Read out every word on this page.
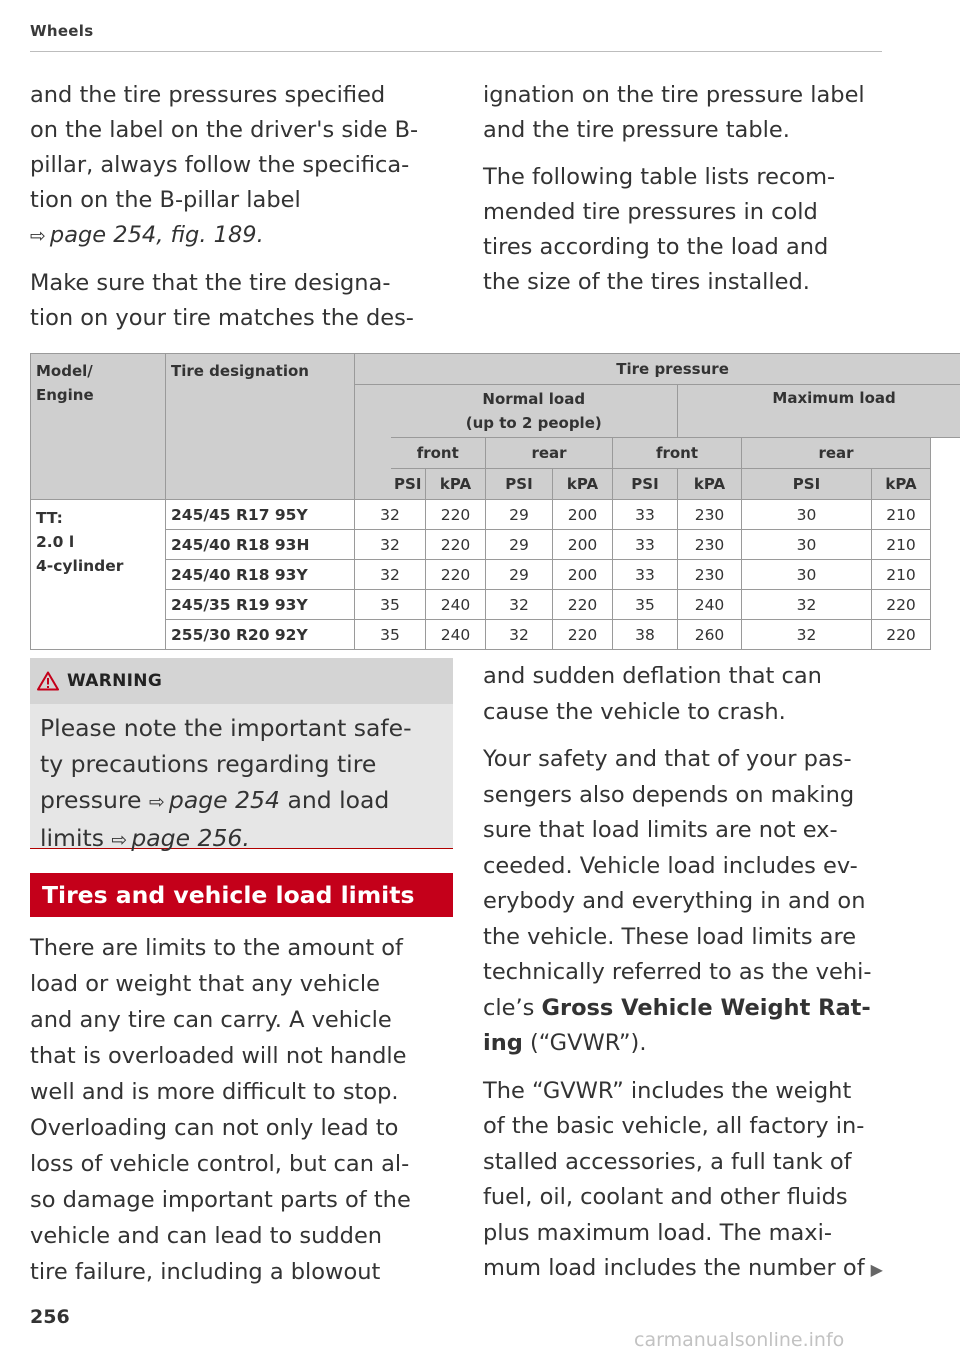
Wheels

and the tire pressures specified
on the label on the driver's side B-
pillar, always follow the specifica-
tion on the B-pillar label
⇨ page 254, fig. 189.

Make sure that the tire designa-
tion on your tire matches the des-

ignation on the tire pressure label
and the tire pressure table.

The following table lists recom-
mended tire pressures in cold
tires according to the load and
the size of the tires installed.

Model/
Engine	Tire designation	Tire pressure								
			Normal load
(up to 2 people)					Maximum load		
			front		rear		front		rear	
			PSI	kPA	PSI	kPA	PSI	kPA	PSI	kPA
TT:
2.0 l
4-cylinder	245/45 R17 95Y	32		220	29	200	33	230	30	210
	245/40 R18 93H	32		220	29	200	33	230	30	210
	245/40 R18 93Y	32		220	29	200	33	230	30	210
	245/35 R19 93Y	35		240	32	220	35	240	32	220
	255/30 R20 92Y	35		240	32	220	38	260	32	220
WARNING
Please note the important safe-
ty precautions regarding tire
pressure ⇨ page 254 and load
limits ⇨ page 256.
Tires and vehicle load limits

There are limits to the amount of
load or weight that any vehicle
and any tire can carry. A vehicle
that is overloaded will not handle
well and is more difficult to stop.
Overloading can not only lead to
loss of vehicle control, but can al-
so damage important parts of the
vehicle and can lead to sudden
tire failure, including a blowout

and sudden deflation that can
cause the vehicle to crash.

Your safety and that of your pas-
sengers also depends on making
sure that load limits are not ex-
ceeded. Vehicle load includes ev-
erybody and everything in and on
the vehicle. These load limits are
technically referred to as the vehi-
cle’s Gross Vehicle Weight Rat-
ing (“GVWR”).

The “GVWR” includes the weight
of the basic vehicle, all factory in-
stalled accessories, a full tank of
fuel, oil, coolant and other fluids
plus maximum load. The maxi-
mum load includes the number of ▶

256
carmanualsonline.info
